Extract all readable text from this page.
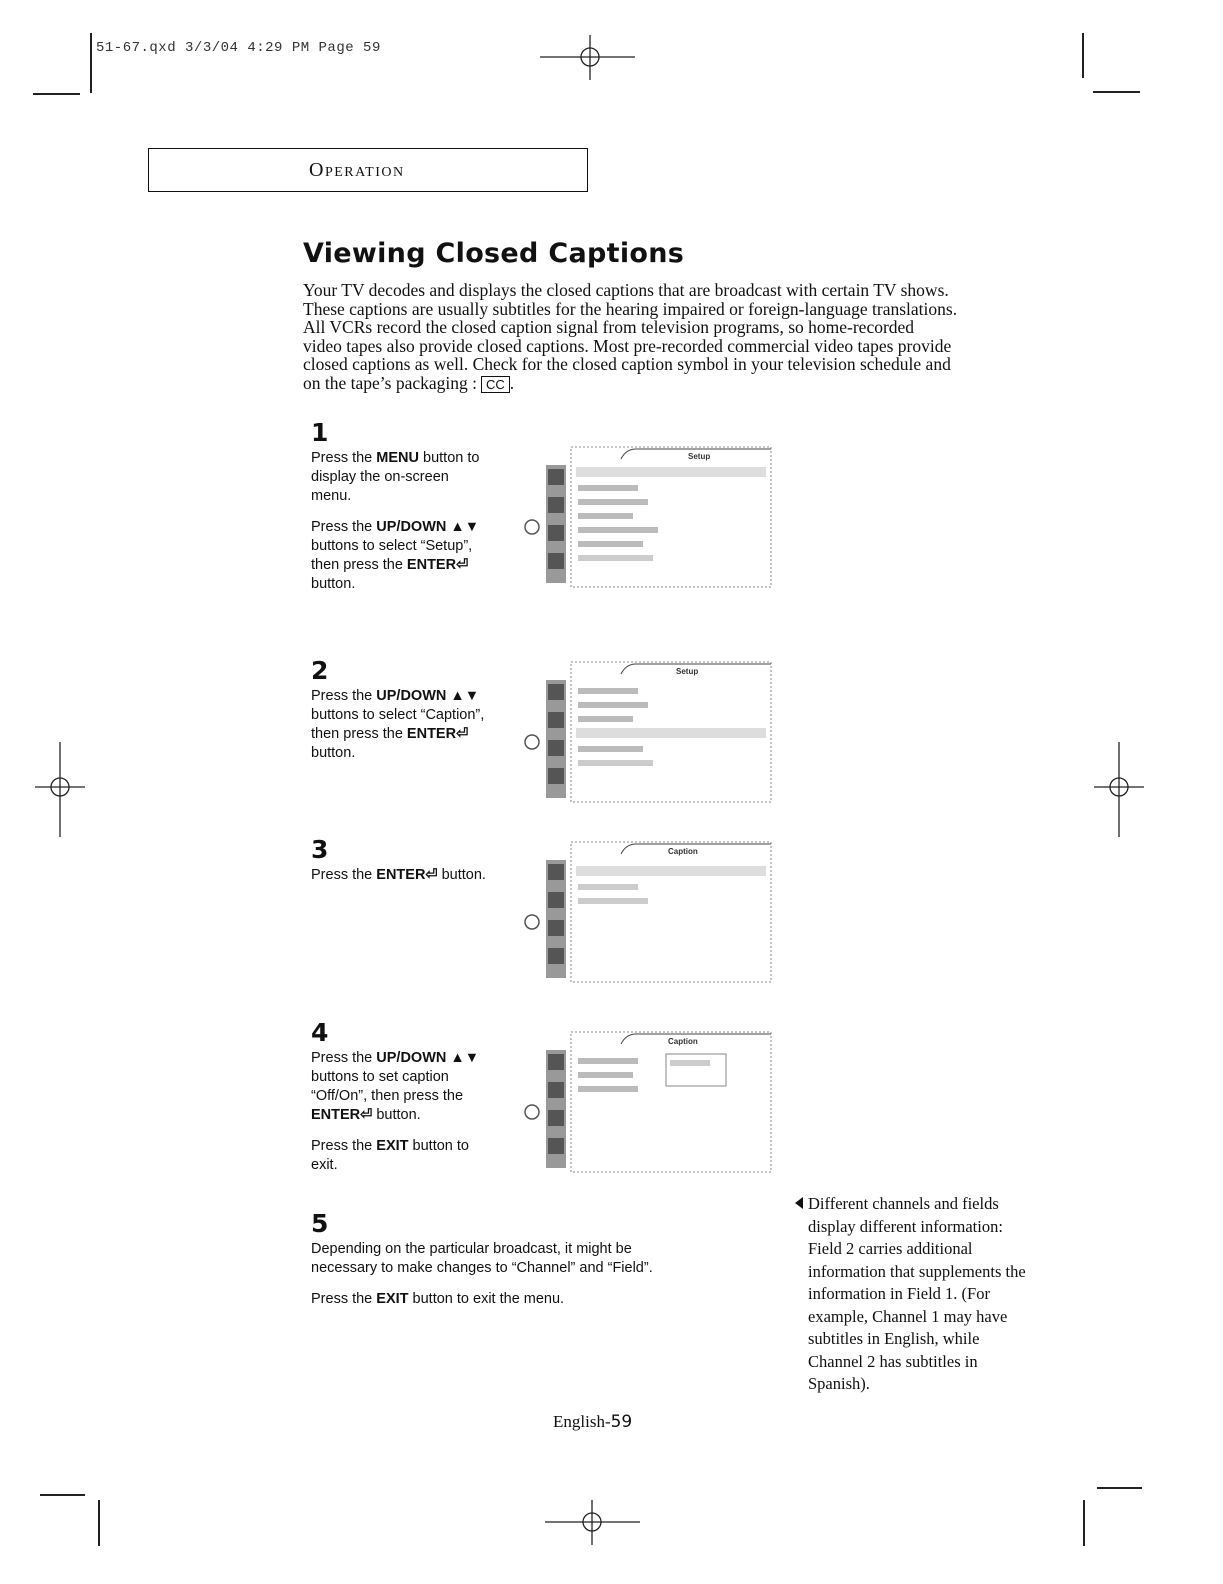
51-67.qxd 3/3/04 4:29 PM Page 59
Operation
Viewing Closed Captions
Your TV decodes and displays the closed captions that are broadcast with certain TV shows.
These captions are usually subtitles for the hearing impaired or foreign-language translations.
All VCRs record the closed caption signal from television programs, so home-recorded
video tapes also provide closed captions. Most pre-recorded commercial video tapes provide
closed captions as well. Check for the closed caption symbol in your television schedule and
on the tape’s packaging : CC .
1

Press the MENU button to display the on-screen menu.

Press the UP/DOWN ▲▼ buttons to select “Setup”, then press the ENTER⏎ button.

2

Press the UP/DOWN ▲▼ buttons to select “Caption”, then press the ENTER⏎ button.

3

Press the ENTER⏎ button.

4

Press the UP/DOWN ▲▼ buttons to set caption “Off/On”, then press the ENTER⏎ button.

Press the EXIT button to exit.

5

Depending on the particular broadcast, it might be necessary to make changes to “Channel” and “Field”.

Press the EXIT button to exit the menu.

Setup
Setup
Caption
Caption
Different channels and fields display different information: Field 2 carries additional information that supplements the information in Field 1. (For example, Channel 1 may have subtitles in English, while Channel 2 has subtitles in Spanish).
English-59
